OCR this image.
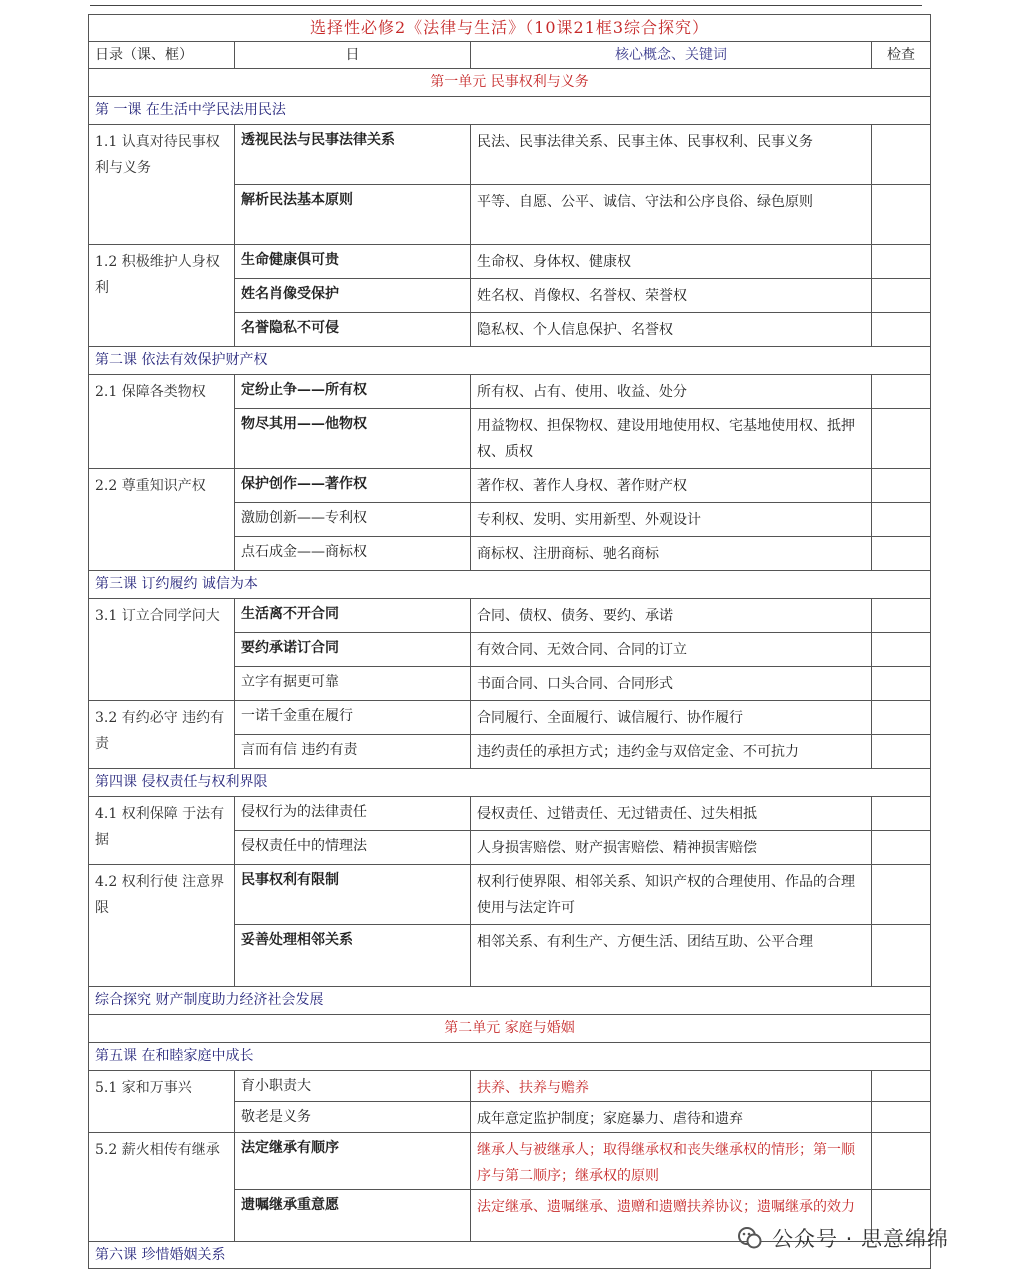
选择性必修2《法律与生活》（10课21框3综合探究）			
日录（课、框）	日	核心概念、关键词	检查
第一单元 民事权利与义务			
第 一课 在生活中学民法用民法			
1.1 认真对待民事权利与义务	透视民法与民事法律关系	民法、民事法律关系、民事主体、民事权利、民事义务	
	解析民法基本原则	平等、自愿、公平、诚信、守法和公序良俗、绿色原则	
1.2 积极维护人身权利	生命健康俱可贵	生命权、身体权、健康权	
	姓名肖像受保护	姓名权、肖像权、名誉权、荣誉权	
	名誉隐私不可侵	隐私权、个人信息保护、名誉权	
第二课 依法有效保护财产权			
2.1 保障各类物权	定纷止争——所有权	所有权、占有、使用、收益、处分	
	物尽其用——他物权	用益物权、担保物权、建设用地使用权、宅基地使用权、抵押权、质权	
2.2 尊重知识产权	保护创作——著作权	著作权、著作人身权、著作财产权	
	激励创新——专利权	专利权、发明、实用新型、外观设计	
	点石成金——商标权	商标权、注册商标、驰名商标	
第三课 订约履约 诚信为本			
3.1 订立合同学问大	生活离不开合同	合同、债权、债务、要约、承诺	
	要约承诺订合同	有效合同、无效合同、合同的订立	
	立字有据更可靠	书面合同、口头合同、合同形式	
3.2 有约必守 违约有责	一诺千金重在履行	合同履行、全面履行、诚信履行、协作履行	
	言而有信 违约有责	违约责任的承担方式；违约金与双倍定金、不可抗力	
第四课 侵权责任与权利界限			
4.1 权利保障 于法有据	侵权行为的法律责任	侵权责任、过错责任、无过错责任、过失相抵	
	侵权责任中的情理法	人身损害赔偿、财产损害赔偿、精神损害赔偿	
4.2 权利行使 注意界限	民事权利有限制	权利行使界限、相邻关系、知识产权的合理使用、作品的合理使用与法定许可	
	妥善处理相邻关系	相邻关系、有利生产、方便生活、团结互助、公平合理	
综合探究 财产制度助力经济社会发展			
第二单元 家庭与婚姻			
第五课 在和睦家庭中成长			
5.1 家和万事兴	育小职责大	扶养、扶养与赡养	
	敬老是义务	成年意定监护制度；家庭暴力、虐待和遗弃	
5.2 薪火相传有继承	法定继承有顺序	继承人与被继承人；取得继承权和丧失继承权的情形；第一顺序与第二顺序；继承权的原则	
	遗嘱继承重意愿	法定继承、遗嘱继承、遗赠和遗赠扶养协议；遗嘱继承的效力	
第六课 珍惜婚姻关系			
公众号 · 思意绵绵
